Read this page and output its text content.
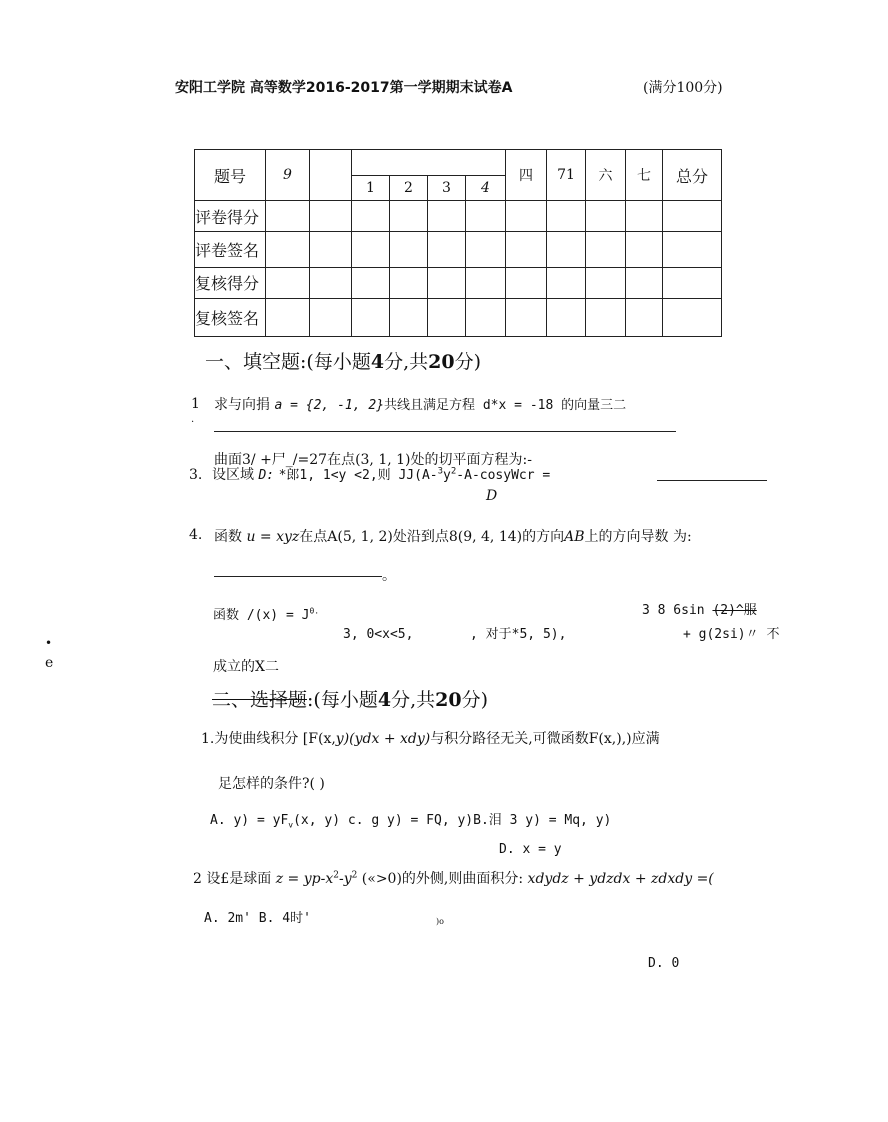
安阳工学院 高等数学2016-2017第一学期期末试卷A	(满分100分)
题号	9						四	71	六	七	总分
			1	2	3	4					
评卷得分											
评卷签名											
复核得分											
复核签名											
一、填空题:(每小题4分,共20分)
1
.
求与向捐 a = {2, -1, 2}共线且满足方程 d*x = -18 的向量三二
曲面3/ +尸_/=27在点(3, 1, 1)处的切平面方程为:-
3. 设区域 D: *郎1, 1<y <2,则 $JJ(A-^3y^2-A$-cosyWcr =
D
4. 函数 u = xyz在点A(5, 1, 2)处沿到点8(9, 4, 14)的方向AB上的方向导数 为:
。
函数 $/(x) = J^{0.}$	3 8 6sin (2)^服
3, 0<x<5,	, 对于*5, 5),	+ g(2si)〃 不
成立的X二
•
e
二、选择题:(每小题4分,共20分)
1.为使曲线积分 [F(x,y)(ydx + xdy)与积分路径无关,可微函数F(x,),)应满
足怎样的条件?( )
A. $y) = yF_v(x$, y) c. g y) = FQ, y)B.泪 3 y) = Mq, y)
D. x = y
2 设£是球面 $z = yp-x^2-y^2$ («>0)的外侧,则曲面积分: xdydz + ydzdx + zdxdy =(
A. 2m' B. 4时'	)o
D. 0
